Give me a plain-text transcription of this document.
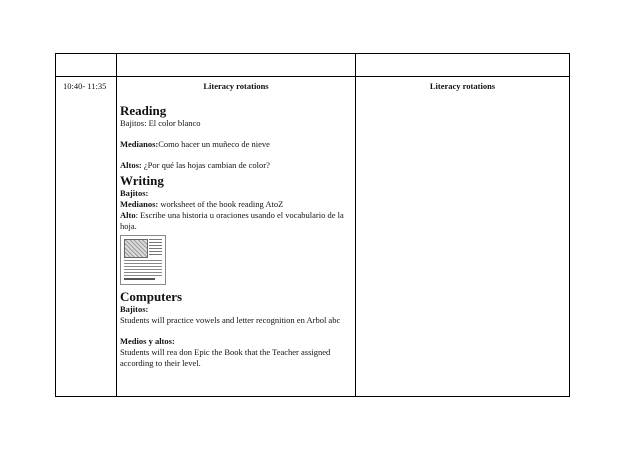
10:40- 11:35	Literacy rotations	Literacy rotations
Reading
Bajitos: El color blanco
Medianos:Como hacer un muñeco de nieve
Altos: ¿Por qué las hojas cambian de color?
Writing
Bajitos:
Medianos: worksheet of the book reading AtoZ
Alto: Escribe una historia u oraciones usando el vocabulario de la hoja.
Computers
Bajitos:
Students will practice vowels and letter recognition en Arbol abc
Medios y altos:
Students will rea don Epic the Book that the Teacher assigned according to their level.
